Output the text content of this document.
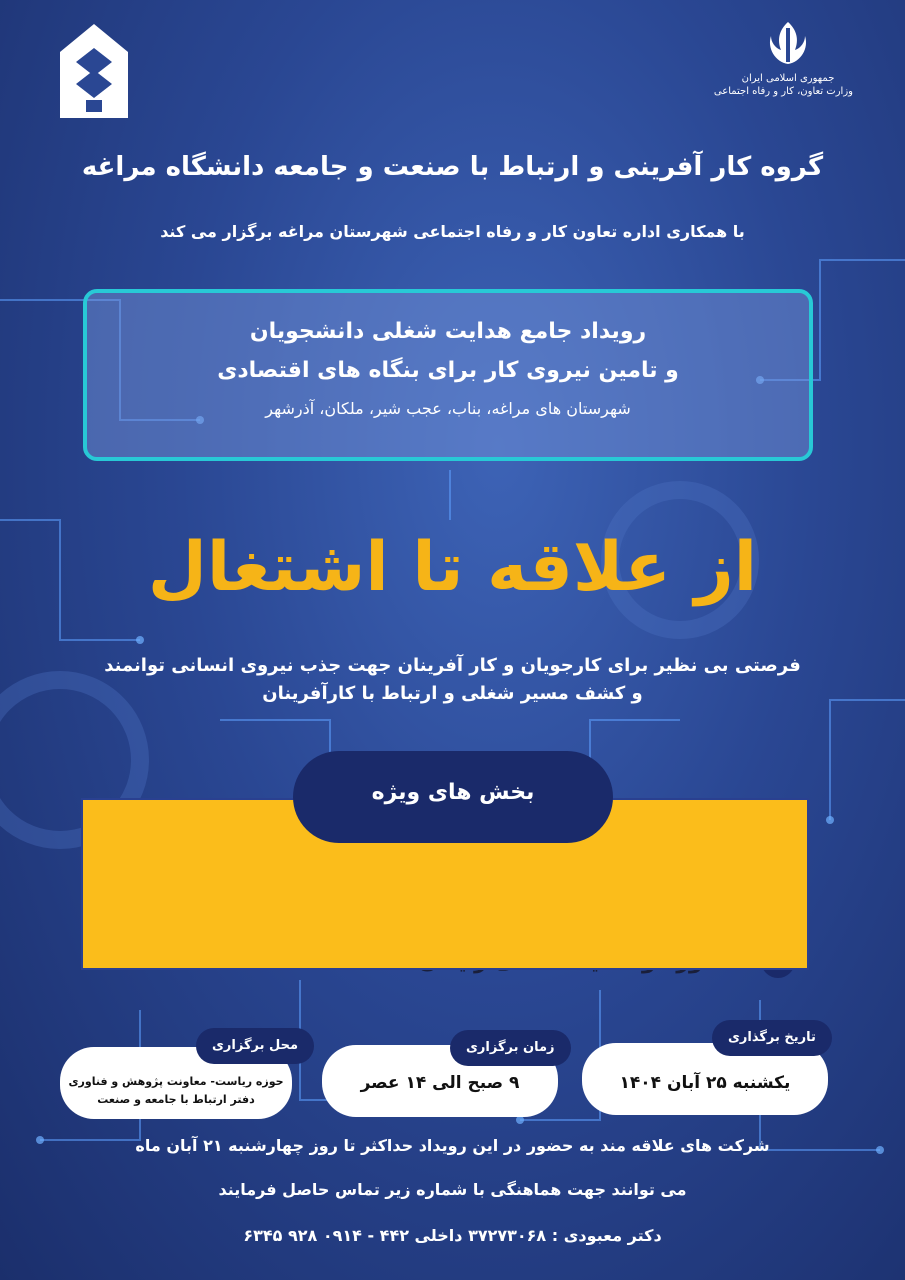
جمهوری اسلامی ایران
وزارت تعاون، کار و رفاه اجتماعی
گروه کار آفرینی و ارتباط با صنعت و جامعه دانشگاه مراغه
با همکاری اداره تعاون کار و رفاه اجتماعی شهرستان مراغه برگزار می کند
رویداد جامع هدایت شغلی دانشجویان
و تامین نیروی کار برای بنگاه های اقتصادی
شهرستان های مراغه، بناب، عجب شیر، ملکان، آذرشهر
از علاقه تا اشتغال
فرصتی بی نظیر برای کارجویان و کار آفرینان جهت جذب نیروی انسانی توانمند
و کشف مسیر شغلی و ارتباط با کارآفرینان
بخش های ویژه
یکشنبه ۲۵ آبان ۱۴۰۴
تاریخ برگذاری
۹ صبح الی ۱۴ عصر
زمان برگزاری
حوزه ریاست- معاونت پژوهش و فناوری
دفتر ارتباط با جامعه و صنعت
محل برگزاری
شرکت های علاقه مند به حضور در این رویداد حداکثر تا روز چهارشنبه ۲۱ آبان ماه
می توانند جهت هماهنگی با شماره زیر تماس حاصل فرمایند
دکتر معبودی : ۳۷۲۷۳۰۶۸ داخلی ۴۴۲ - ۰۹۱۴ ۹۲۸ ۶۳۴۵
